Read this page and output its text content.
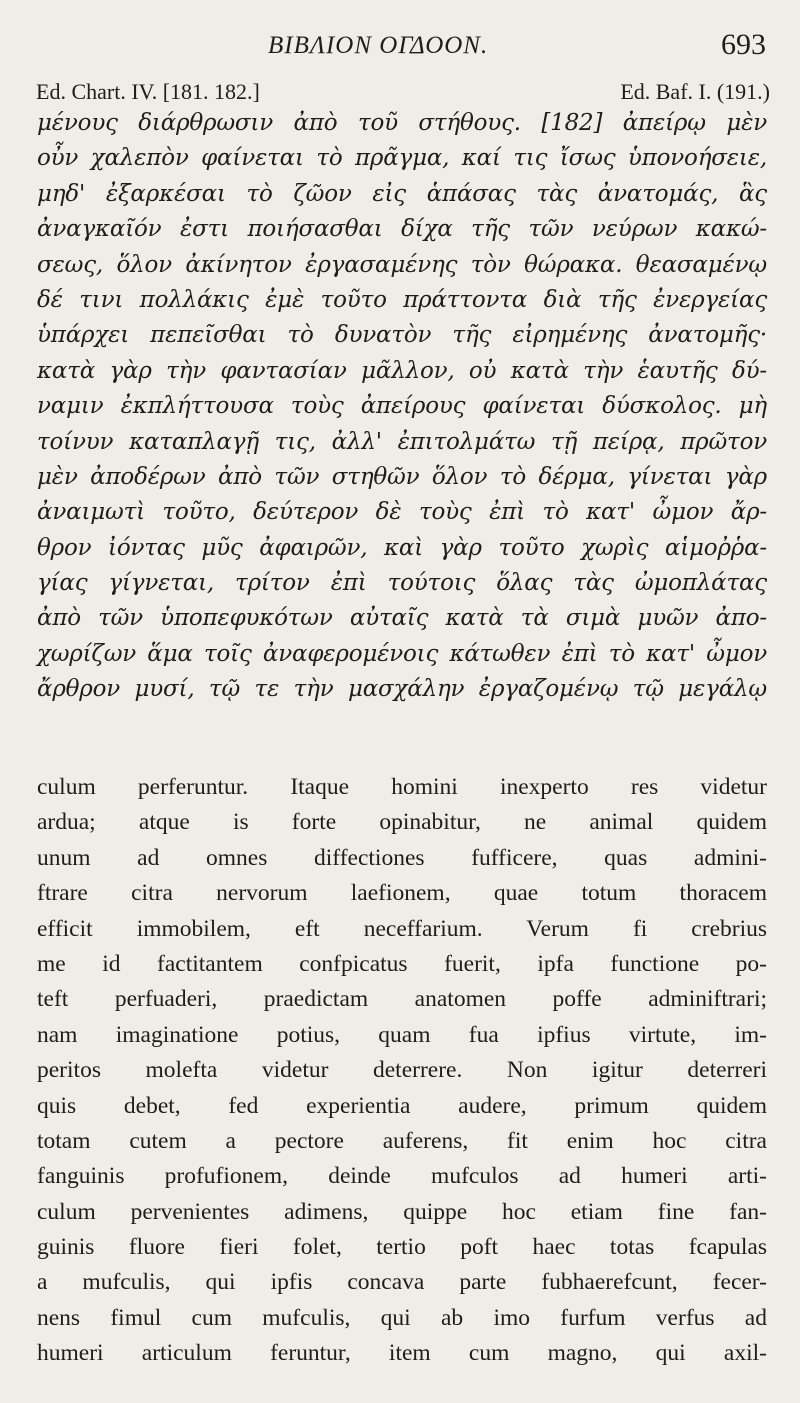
ΒΙΒΛΙΟΝ ΟΓΔΟΟΝ.	693
Ed. Chart. IV. [181. 182.]	Ed. Baf. I. (191.)
μένους διάρθρωσιν ἀπὸ τοῦ στήθους. [182] ἀπείρῳ μὲν
οὖν χαλεπὸν φαίνεται τὸ πρᾶγμα, καί τις ἴσως ὑπονοήσειε,
μηδ' ἐξαρκέσαι τὸ ζῶον εἰς ἁπάσας τὰς ἀνατομάς, ἃς
ἀναγκαῖόν ἐστι ποιήσασθαι δίχα τῆς τῶν νεύρων κακώ-
σεως, ὅλον ἀκίνητον ἐργασαμένης τὸν θώρακα. θεασαμένῳ
δέ τινι πολλάκις ἐμὲ τοῦτο πράττοντα διὰ τῆς ἐνεργείας
ὑπάρχει πεπεῖσθαι τὸ δυνατὸν τῆς εἰρημένης ἀνατομῆς·
κατὰ γὰρ τὴν φαντασίαν μᾶλλον, οὐ κατὰ τὴν ἑαυτῆς δύ-
ναμιν ἐκπλήττουσα τοὺς ἀπείρους φαίνεται δύσκολος. μὴ
τοίνυν καταπλαγῇ τις, ἀλλ' ἐπιτολμάτω τῇ πείρᾳ, πρῶτον
μὲν ἀποδέρων ἀπὸ τῶν στηθῶν ὅλον τὸ δέρμα, γίνεται γὰρ
ἀναιμωτὶ τοῦτο, δεύτερον δὲ τοὺς ἐπὶ τὸ κατ' ὦμον ἄρ-
θρον ἰόντας μῦς ἀφαιρῶν, καὶ γὰρ τοῦτο χωρὶς αἱμοῤῥα-
γίας γίγνεται, τρίτον ἐπὶ τούτοις ὅλας τὰς ὠμοπλάτας
ἀπὸ τῶν ὑποπεφυκότων αὐταῖς κατὰ τὰ σιμὰ μυῶν ἀπο-
χωρίζων ἅμα τοῖς ἀναφερομένοις κάτωθεν ἐπὶ τὸ κατ' ὦμον
ἄρθρον μυσί, τῷ τε τὴν μασχάλην ἐργαζομένῳ τῷ μεγάλῳ

culum perferuntur. Itaque homini inexperto res videtur
ardua; atque is forte opinabitur, ne animal quidem
unum ad omnes diffectiones fufficere, quas admini-
ftrare citra nervorum laefionem, quae totum thoracem
efficit immobilem, eft neceffarium. Verum fi crebrius
me id factitantem confpicatus fuerit, ipfa functione po-
teft perfuaderi, praedictam anatomen poffe adminiftrari;
nam imaginatione potius, quam fua ipfius virtute, im-
peritos molefta videtur deterrere. Non igitur deterreri
quis debet, fed experientia audere, primum quidem
totam cutem a pectore auferens, fit enim hoc citra
fanguinis profufionem, deinde mufculos ad humeri arti-
culum pervenientes adimens, quippe hoc etiam fine fan-
guinis fluore fieri folet, tertio poft haec totas fcapulas
a mufculis, qui ipfis concava parte fubhaerefcunt, fecer-
nens fimul cum mufculis, qui ab imo furfum verfus ad
humeri articulum feruntur, item cum magno, qui axil-
